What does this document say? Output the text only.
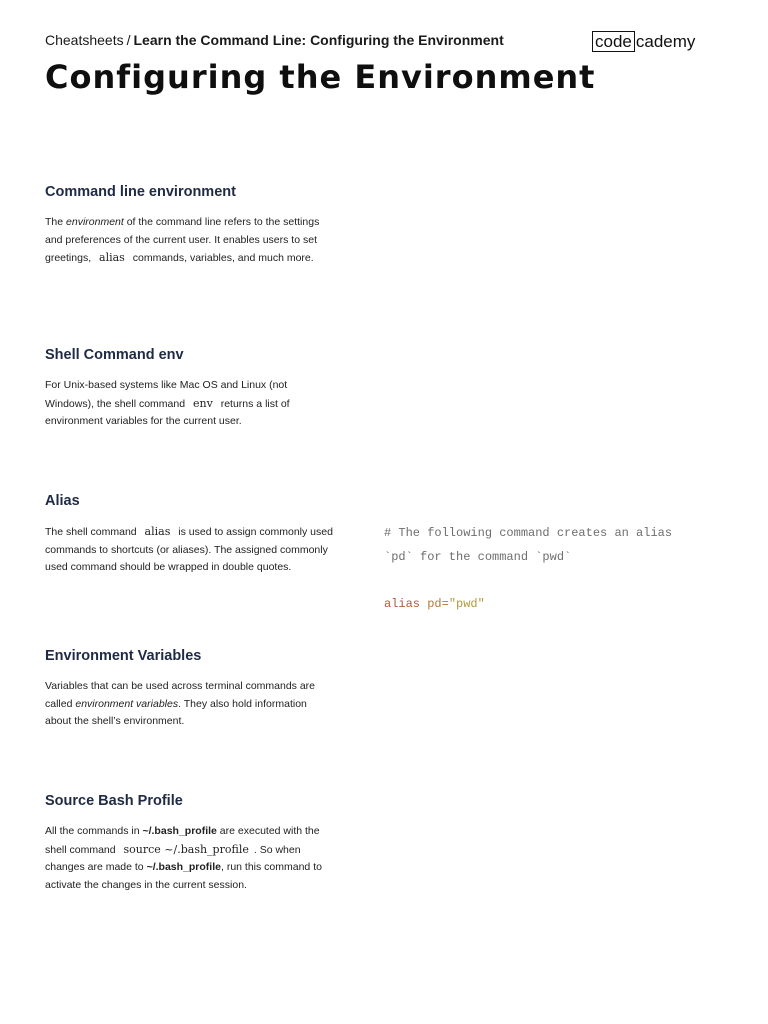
Cheatsheets / Learn the Command Line: Configuring the Environment	code cademy
Configuring the Environment
Command line environment

The environment of the command line refers to the settings and preferences of the current user. It enables users to set greetings, alias commands, variables, and much more.

Shell Command env

For Unix-based systems like Mac OS and Linux (not Windows), the shell command env returns a list of environment variables for the current user.

Alias

The shell command alias is used to assign commonly used commands to shortcuts (or aliases). The assigned commonly used command should be wrapped in double quotes.

Environment Variables

Variables that can be used across terminal commands are called environment variables. They also hold information about the shell’s environment.

Source Bash Profile

All the commands in ~/.bash_profile are executed with the shell command source ~/.bash_profile . So when changes are made to ~/.bash_profile, run this command to activate the changes in the current session.

# The following command creates an alias
`pd` for the command `pwd`
alias pd="pwd"
